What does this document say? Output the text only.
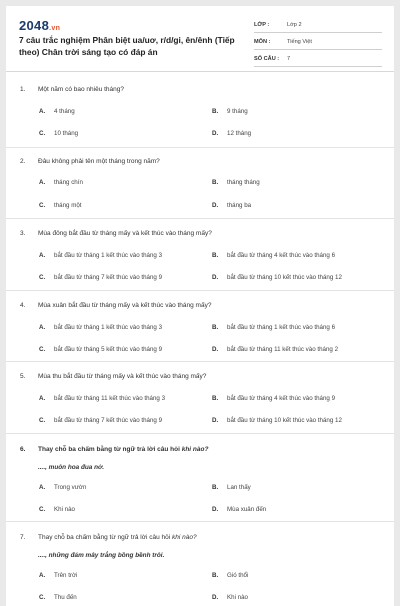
2048.vn
7 câu trắc nghiệm Phân biệt ua/uơ, r/d/gi, ên/ênh (Tiếp theo) Chân trời sáng tạo có đáp án
LỚP :	Lớp 2
MÔN :	Tiếng Việt
SỐ CÂU : 7
1. Một năm có bao nhiêu tháng?
A. 4 tháng	B. 9 tháng
C. 10 tháng	D. 12 tháng
2. Đâu không phải tên một tháng trong năm?
A. tháng chín	B. tháng tháng
C. tháng một	D. tháng ba
3. Mùa đông bắt đầu từ tháng mấy và kết thúc vào tháng mấy?
A. bắt đầu từ tháng 1 kết thúc vào tháng 3	B. bắt đầu từ tháng 4 kết thúc vào tháng 6
C. bắt đầu từ tháng 7 kết thúc vào tháng 9	D. bắt đầu từ tháng 10 kết thúc vào tháng 12
4. Mùa xuân bắt đầu từ tháng mấy và kết thúc vào tháng mấy?
A. bắt đầu từ tháng 1 kết thúc vào tháng 3	B. bắt đầu từ tháng 1 kết thúc vào tháng 6
C. bắt đầu từ tháng 5 kết thúc vào tháng 9	D. bắt đầu từ tháng 11 kết thúc vào tháng 2
5. Mùa thu bắt đầu từ tháng mấy và kết thúc vào tháng mấy?
A. bắt đầu từ tháng 11 kết thúc vào tháng 3	B. bắt đầu từ tháng 4 kết thúc vào tháng 9
C. bắt đầu từ tháng 7 kết thúc vào tháng 9	D. bắt đầu từ tháng 10 kết thúc vào tháng 12
6. Thay chỗ ba chấm bằng từ ngữ trả lời câu hỏi khi nào?
...., muôn hoa đua nở.
A. Trong vườn	B. Lan thấy
C. Khi nào	D. Mùa xuân đến
7. Thay chỗ ba chấm bằng từ ngữ trả lời câu hỏi khi nào?
...., những đám mây trắng bồng bềnh trôi.
A. Trên trời	B. Gió thổi
C. Thu đến	D. Khi nào
